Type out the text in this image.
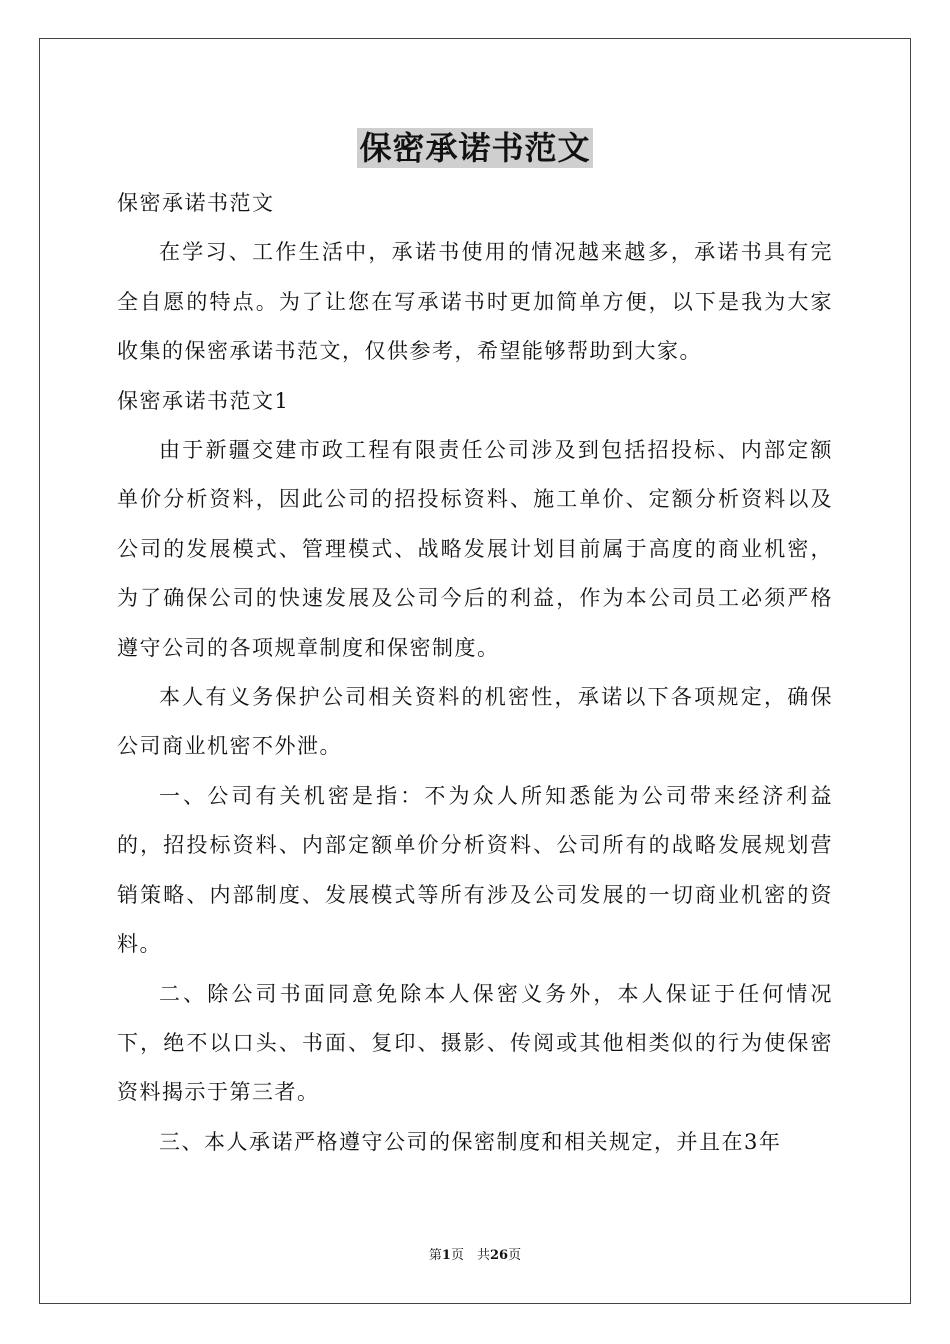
保密承诺书范文

保密承诺书范文

在学习、工作生活中，承诺书使用的情况越来越多，承诺书具有完全自愿的特点。为了让您在写承诺书时更加简单方便，以下是我为大家收集的保密承诺书范文，仅供参考，希望能够帮助到大家。

保密承诺书范文1

由于新疆交建市政工程有限责任公司涉及到包括招投标、内部定额单价分析资料，因此公司的招投标资料、施工单价、定额分析资料以及公司的发展模式、管理模式、战略发展计划目前属于高度的商业机密，为了确保公司的快速发展及公司今后的利益，作为本公司员工必须严格遵守公司的各项规章制度和保密制度。

本人有义务保护公司相关资料的机密性，承诺以下各项规定，确保公司商业机密不外泄。

一、公司有关机密是指：不为众人所知悉能为公司带来经济利益的，招投标资料、内部定额单价分析资料、公司所有的战略发展规划营销策略、内部制度、发展模式等所有涉及公司发展的一切商业机密的资料。

二、除公司书面同意免除本人保密义务外，本人保证于任何情况下，绝不以口头、书面、复印、摄影、传阅或其他相类似的行为使保密资料揭示于第三者。

三、本人承诺严格遵守公司的保密制度和相关规定，并且在3年

第1页　共26页
